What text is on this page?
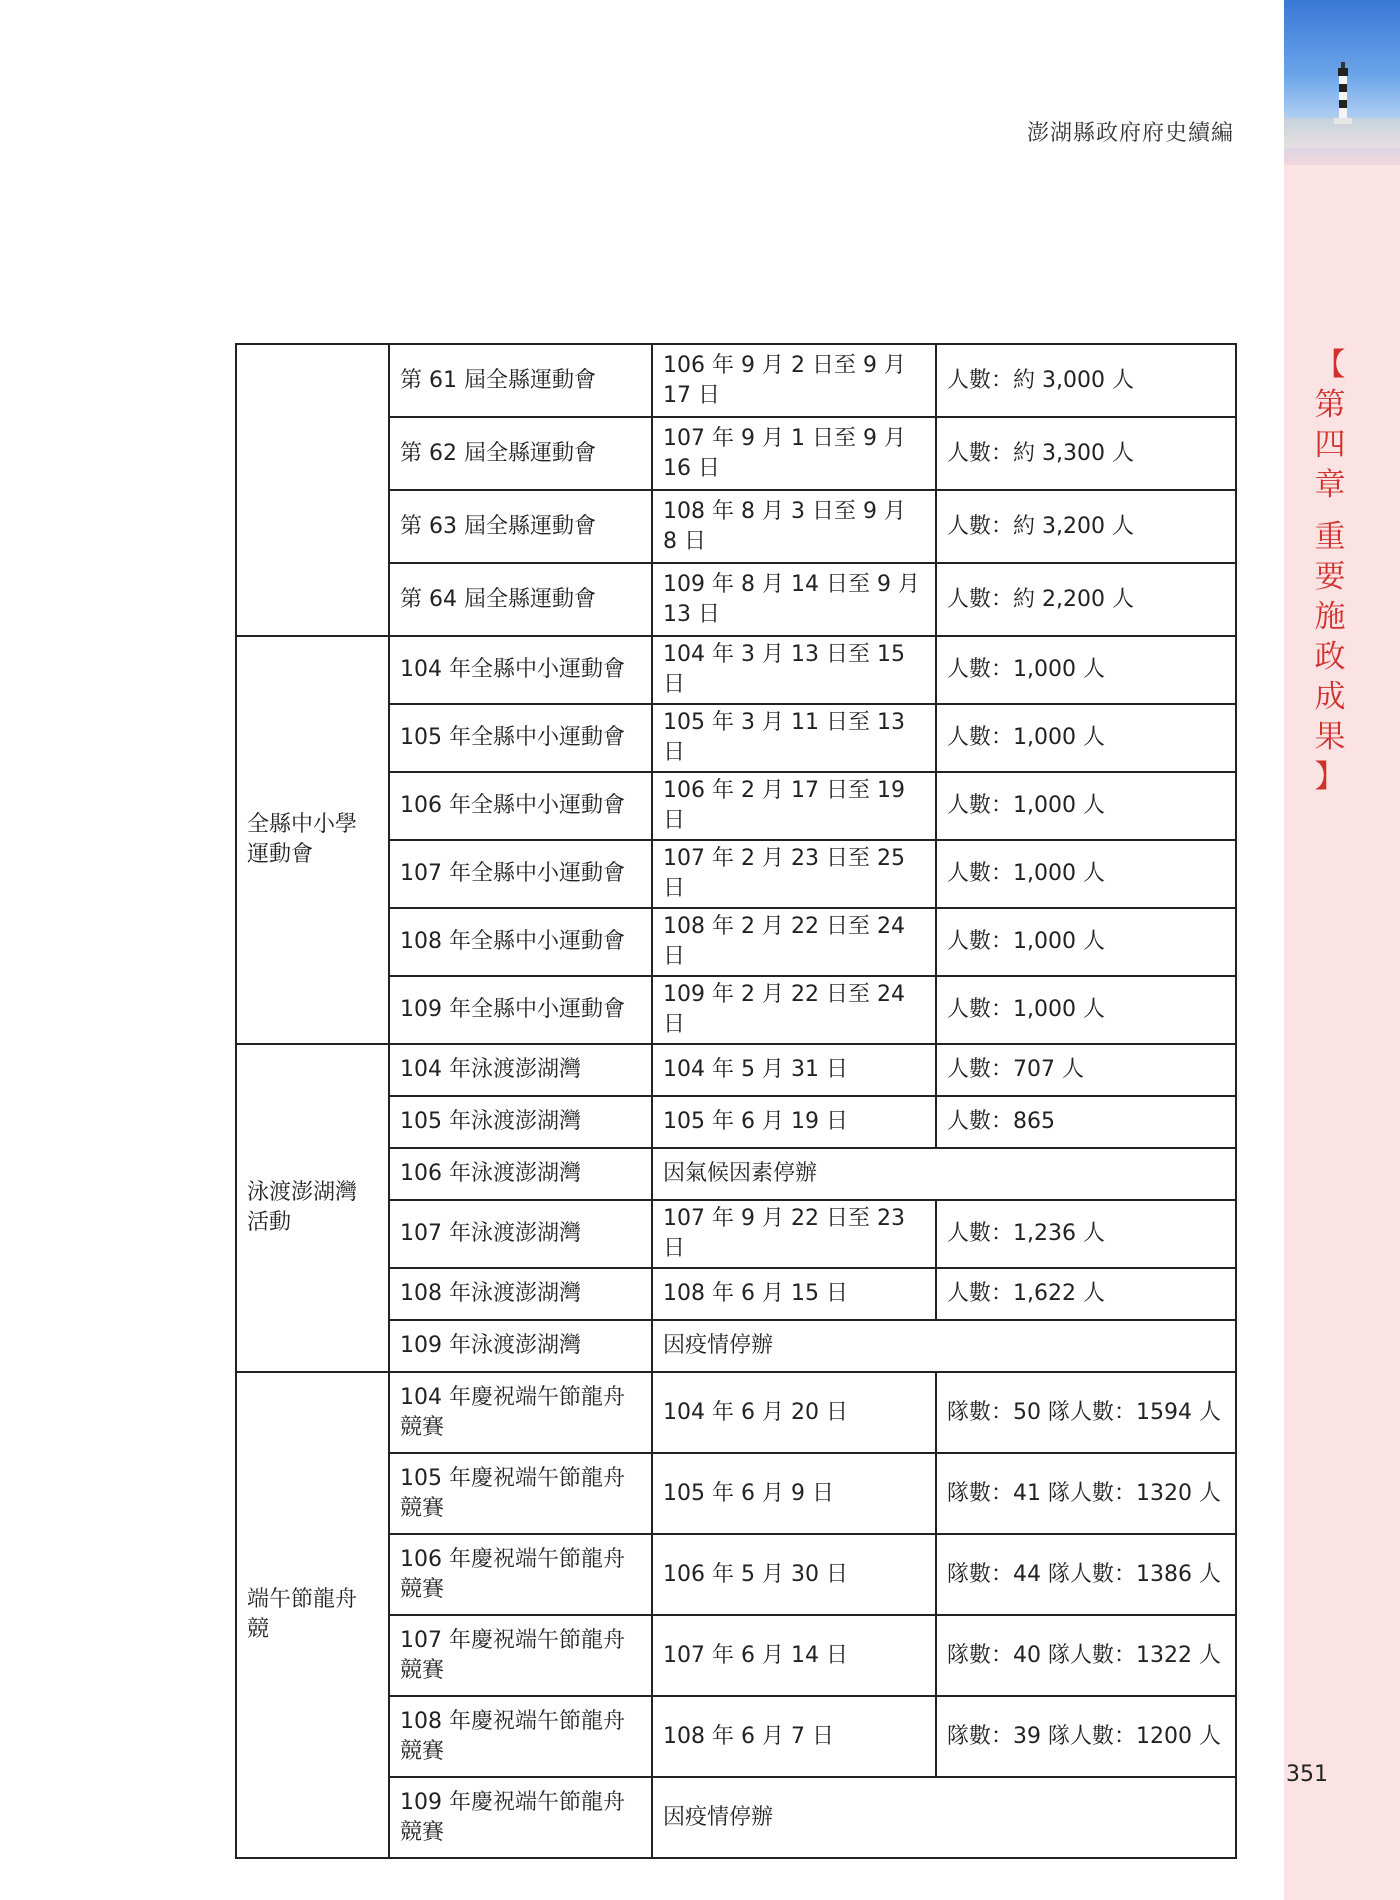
澎湖縣政府府史續編
【
第
四
章
重
要
施
政
成
果
】
351
	第 61 屆全縣運動會	106 年 9 月 2 日至 9 月 17 日	人數：約 3,000 人
	第 62 屆全縣運動會	107 年 9 月 1 日至 9 月 16 日	人數：約 3,300 人
	第 63 屆全縣運動會	108 年 8 月 3 日至 9 月 8 日	人數：約 3,200 人
	第 64 屆全縣運動會	109 年 8 月 14 日至 9 月 13 日	人數：約 2,200 人
全縣中小學運動會	104 年全縣中小運動會	104 年 3 月 13 日至 15 日	人數：1,000 人
	105 年全縣中小運動會	105 年 3 月 11 日至 13 日	人數：1,000 人
	106 年全縣中小運動會	106 年 2 月 17 日至 19 日	人數：1,000 人
	107 年全縣中小運動會	107 年 2 月 23 日至 25 日	人數：1,000 人
	108 年全縣中小運動會	108 年 2 月 22 日至 24 日	人數：1,000 人
	109 年全縣中小運動會	109 年 2 月 22 日至 24 日	人數：1,000 人
泳渡澎湖灣活動	104 年泳渡澎湖灣	104 年 5 月 31 日	人數：707 人
	105 年泳渡澎湖灣	105 年 6 月 19 日	人數：865
	106 年泳渡澎湖灣	因氣候因素停辦	
	107 年泳渡澎湖灣	107 年 9 月 22 日至 23 日	人數：1,236 人
	108 年泳渡澎湖灣	108 年 6 月 15 日	人數：1,622 人
	109 年泳渡澎湖灣	因疫情停辦	
端午節龍舟競	104 年慶祝端午節龍舟競賽	104 年 6 月 20 日	隊數：50 隊人數：1594 人
	105 年慶祝端午節龍舟競賽	105 年 6 月 9 日	隊數：41 隊人數：1320 人
	106 年慶祝端午節龍舟競賽	106 年 5 月 30 日	隊數：44 隊人數：1386 人
	107 年慶祝端午節龍舟競賽	107 年 6 月 14 日	隊數：40 隊人數：1322 人
	108 年慶祝端午節龍舟競賽	108 年 6 月 7 日	隊數：39 隊人數：1200 人
	109 年慶祝端午節龍舟競賽	因疫情停辦	
